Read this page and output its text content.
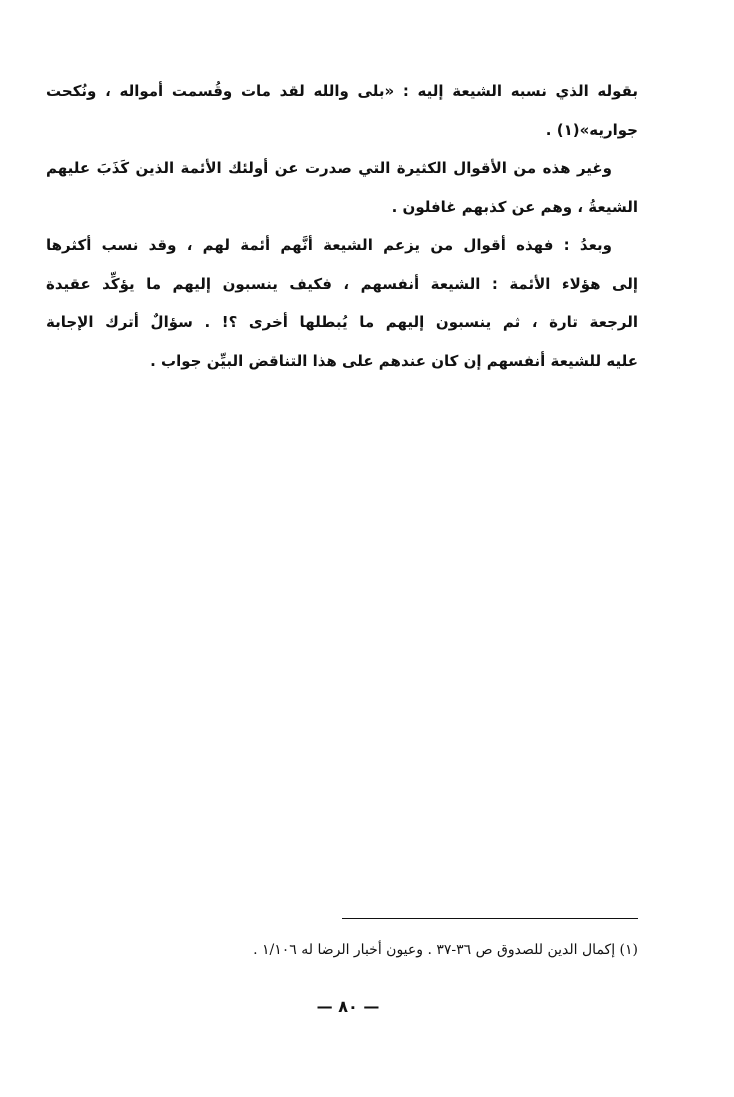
بقوله الذي نسبه الشيعة إليه : «بلى والله لقد مات وقُسمت أمواله ، ونُكحت
جواريه»(١) .
وغير هذه من الأقوال الكثيرة التي صدرت عن أولئك الأئمة الذين كَذَبَ عليهم
الشيعةُ ، وهم عن كذبهم غافلون .
وبعدُ : فهذه أقوال من يزعم الشيعة أنَّهم أئمة لهم ، وقد نسب أكثرها
إلى هؤلاء الأئمة : الشيعة أنفسهم ، فكيف ينسبون إليهم ما يؤكِّد عقيدة
الرجعة تارة ، ثم ينسبون إليهم ما يُبطلها أخرى ؟! . سؤالٌ أترك الإجابة
عليه للشيعة أنفسهم إن كان عندهم على هذا التناقض البيِّن جواب .
(١) إكمال الدين للصدوق ص ٣٦-٣٧ . وعيون أخبار الرضا له ١/١٠٦ .
— ٨٠ —
